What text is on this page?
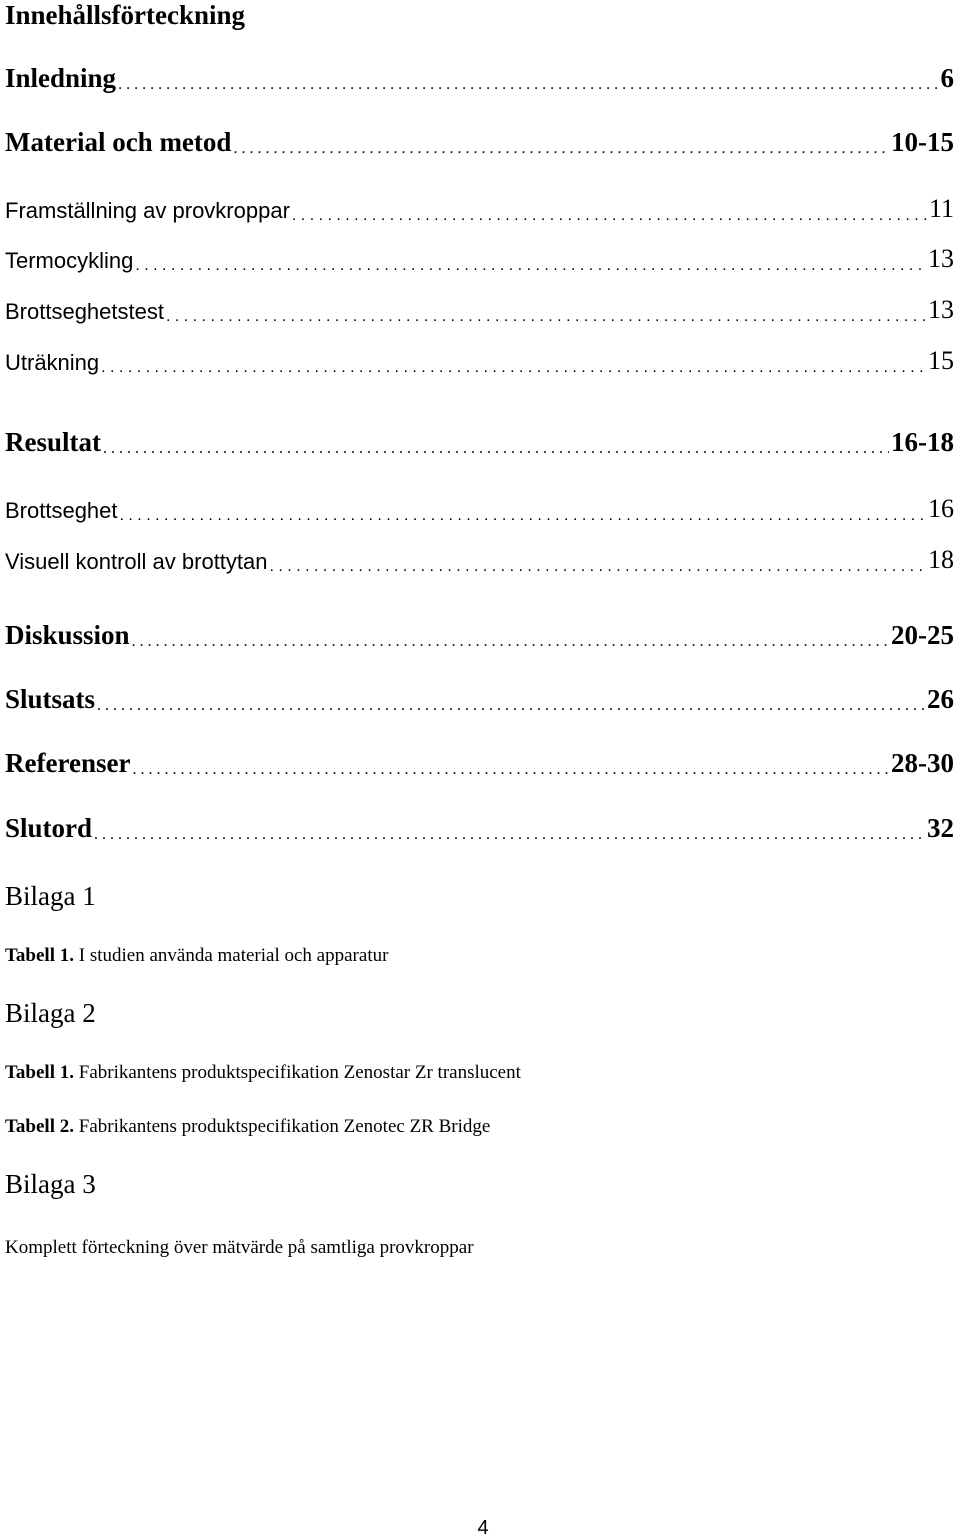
Innehållsförteckning
Inledning . . .	6
Material och metod . . .	10-15
Framställning av provkroppar . . .	11
Termocykling . . .	13
Brottseghetstest . . .	13
Uträkning . . .	15
Resultat . . .	16-18
Brottseghet . . .	16
Visuell kontroll av brottytan . . .	18
Diskussion . . .	20-25
Slutsats . . .	26
Referenser . . .	28-30
Slutord . . .	32
Bilaga 1
Tabell 1. I studien använda material och apparatur
Bilaga 2
Tabell 1. Fabrikantens produktspecifikation Zenostar Zr translucent
Tabell 2. Fabrikantens produktspecifikation Zenotec ZR Bridge
Bilaga 3
Komplett förteckning över mätvärde på samtliga provkroppar
4
